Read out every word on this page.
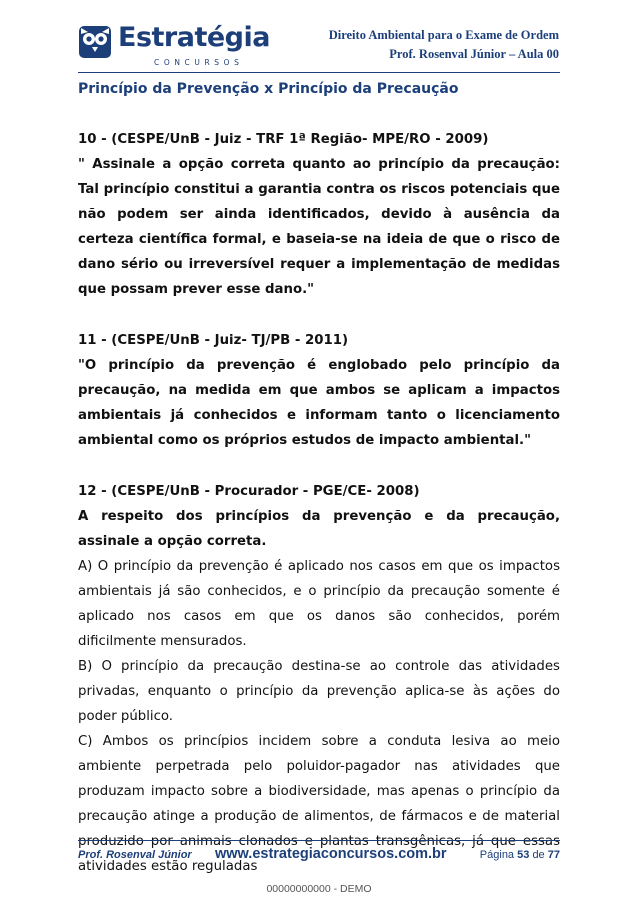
Estratégia
CONCURSOS
Direito Ambiental para o Exame de Ordem
Prof. Rosenval Júnior – Aula 00
Princípio da Prevenção x Princípio da Precaução

10 - (CESPE/UnB - Juiz - TRF 1ª Região- MPE/RO - 2009)

" Assinale a opção correta quanto ao princípio da precaução: Tal princípio constitui a garantia contra os riscos potenciais que não podem ser ainda identificados, devido à ausência da certeza científica formal, e baseia-se na ideia de que o risco de dano sério ou irreversível requer a implementação de medidas que possam prever esse dano."

11 - (CESPE/UnB - Juiz- TJ/PB - 2011)

"O princípio da prevenção é englobado pelo princípio da precaução, na medida em que ambos se aplicam a impactos ambientais já conhecidos e informam tanto o licenciamento ambiental como os próprios estudos de impacto ambiental."

12 - (CESPE/UnB - Procurador - PGE/CE- 2008)

A respeito dos princípios da prevenção e da precaução, assinale a opção correta.

A) O princípio da prevenção é aplicado nos casos em que os impactos ambientais já são conhecidos, e o princípio da precaução somente é aplicado nos casos em que os danos são conhecidos, porém dificilmente mensurados.

B) O princípio da precaução destina-se ao controle das atividades privadas, enquanto o princípio da prevenção aplica-se às ações do poder público.

C) Ambos os princípios incidem sobre a conduta lesiva ao meio ambiente perpetrada pelo poluidor-pagador nas atividades que produzam impacto sobre a biodiversidade, mas apenas o princípio da precaução atinge a produção de alimentos, de fármacos e de material produzido por animais clonados e plantas transgênicas, já que essas atividades estão reguladas

Prof. Rosenval Júnior www.estrategiaconcursos.com.br	Página 53 de 77
00000000000 - DEMO
